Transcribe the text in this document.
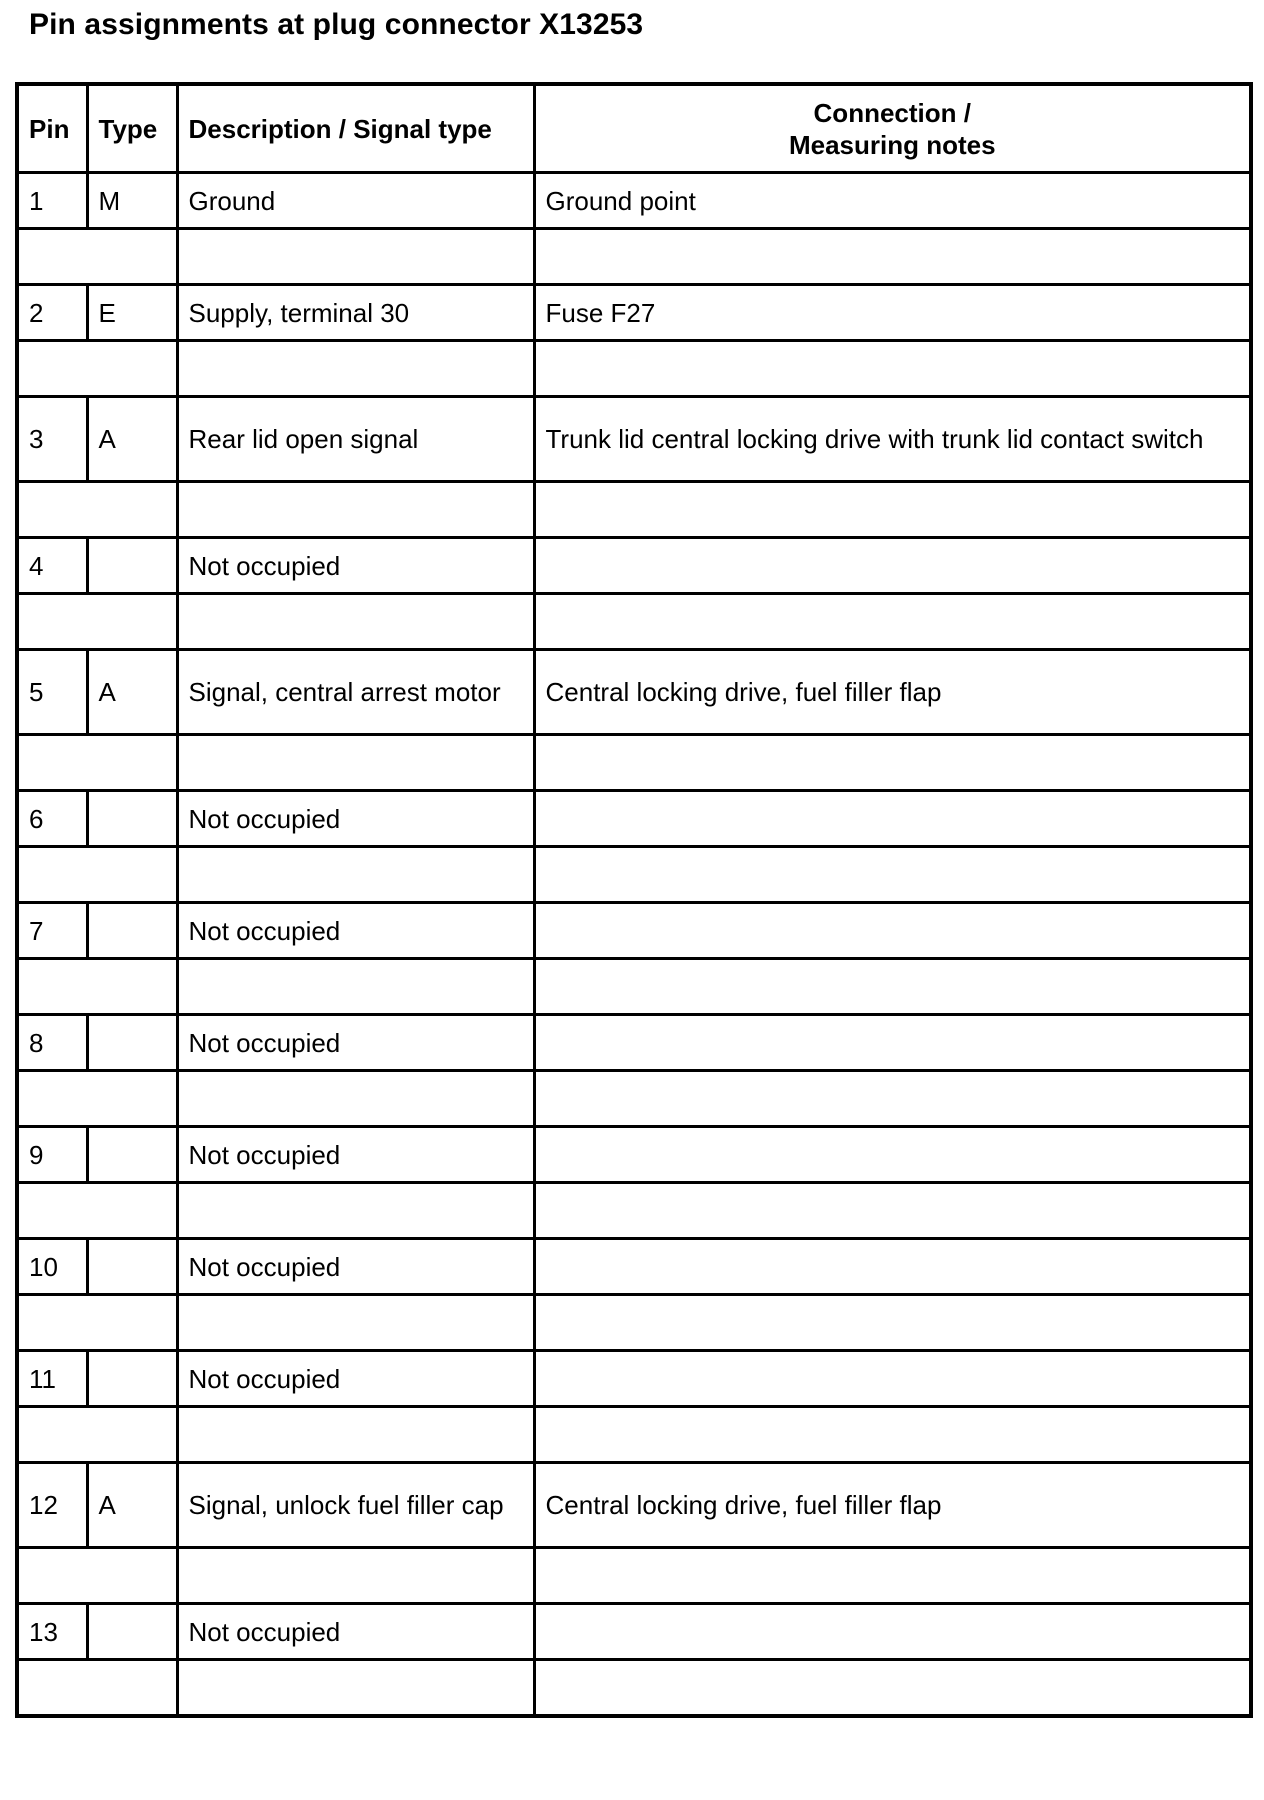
Pin assignments at plug connector X13253
Pin	Type	Description / Signal type	Connection /
Measuring notes
1	M	Ground	Ground point

2	E	Supply, terminal 30	Fuse F27

3	A	Rear lid open signal	Trunk lid central locking drive with trunk lid contact switch

4		Not occupied	

5	A	Signal, central arrest motor	Central locking drive, fuel filler flap

6		Not occupied	

7		Not occupied	

8		Not occupied	

9		Not occupied	

10		Not occupied	

11		Not occupied	

12	A	Signal, unlock fuel filler cap	Central locking drive, fuel filler flap

13		Not occupied	
